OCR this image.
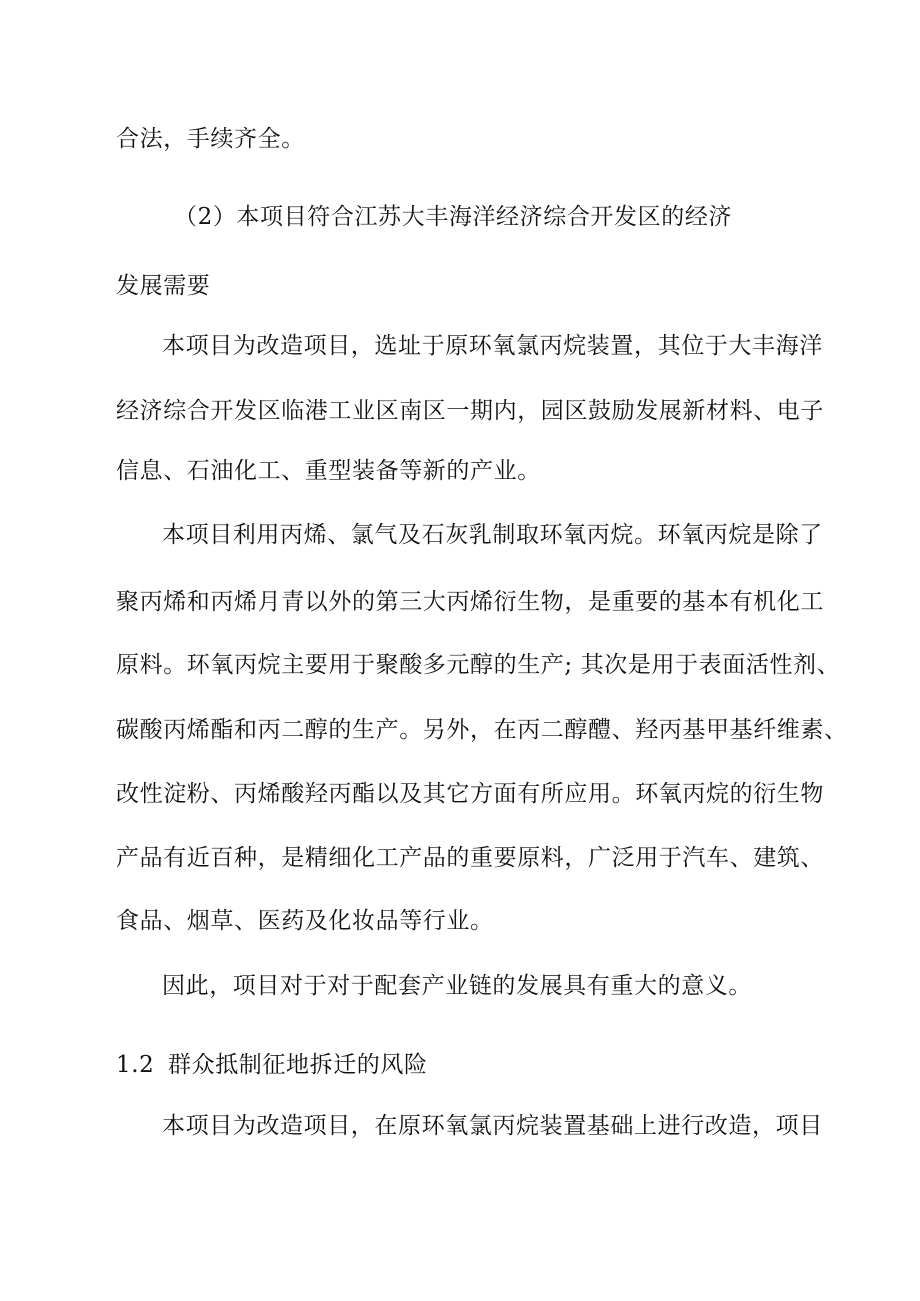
合法，手续齐全。
（2）本项目符合江苏大丰海洋经济综合开发区的经济
发展需要
本项目为改造项目，选址于原环氧氯丙烷装置，其位于大丰海洋
经济综合开发区临港工业区南区一期内，园区鼓励发展新材料、电子
信息、石油化工、重型装备等新的产业。
本项目利用丙烯、氯气及石灰乳制取环氧丙烷。环氧丙烷是除了
聚丙烯和丙烯月青以外的第三大丙烯衍生物，是重要的基本有机化工
原料。环氧丙烷主要用于聚酸多元醇的生产; 其次是用于表面活性剂、
碳酸丙烯酯和丙二醇的生产。另外，在丙二醇醴、羟丙基甲基纤维素、
改性淀粉、丙烯酸羟丙酯以及其它方面有所应用。环氧丙烷的衍生物
产品有近百种，是精细化工产品的重要原料，广泛用于汽车、建筑、
食品、烟草、医药及化妆品等行业。
因此，项目对于对于配套产业链的发展具有重大的意义。
1.2 群众抵制征地拆迁的风险
本项目为改造项目，在原环氧氯丙烷装置基础上进行改造，项目
